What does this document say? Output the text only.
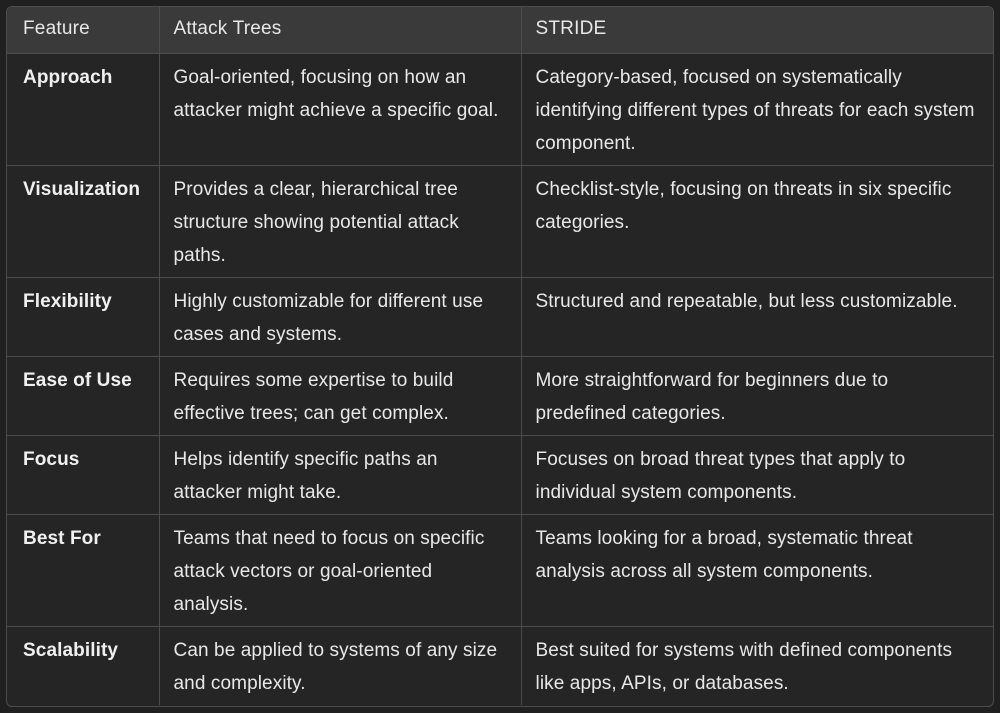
Feature	Attack Trees	STRIDE
Approach	Goal-oriented, focusing on how an attacker might achieve a specific goal.	Category-based, focused on systematically identifying different types of threats for each system component.
Visualization	Provides a clear, hierarchical tree structure showing potential attack paths.	Checklist-style, focusing on threats in six specific categories.
Flexibility	Highly customizable for different use cases and systems.	Structured and repeatable, but less customizable.
Ease of Use	Requires some expertise to build effective trees; can get complex.	More straightforward for beginners due to predefined categories.
Focus	Helps identify specific paths an attacker might take.	Focuses on broad threat types that apply to individual system components.
Best For	Teams that need to focus on specific attack vectors or goal-oriented analysis.	Teams looking for a broad, systematic threat analysis across all system components.
Scalability	Can be applied to systems of any size and complexity.	Best suited for systems with defined components like apps, APIs, or databases.
